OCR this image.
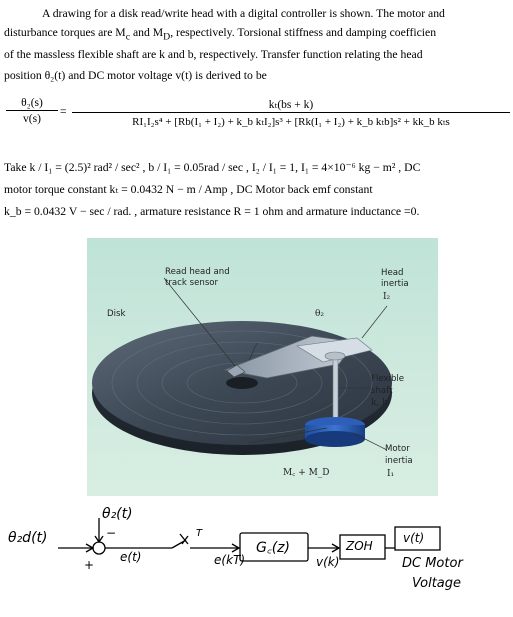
A drawing for a disk read/write head with a digital controller is shown. The motor and
disturbance torques are $M_c$ and $M_D$, respectively. Torsional stiffness and damping coefficien
of the massless flexible shaft are k and b, respectively. Transfer function relating the head
position θ₂(t) and DC motor voltage v(t) is derived to be
$\frac{\text{θ₂(s)}}{v(s)}$ =
kₜ(bs + k)
RI₁I₂s⁴ + [Rb(I₁ + I₂) + k_b kₜI₂]s³ + [Rk(I₁ + I₂) + k_b kₜb]s² + kk_b kₜs
Take k / I₁ = (2.5)² rad² / sec² , b / I₁ = 0.05rad / sec , I₂ / I₁ = 1, I₁ = 4×10⁻⁶ kg − m² , DC
motor torque constant kₜ = 0.0432 N − m / Amp , DC Motor back emf constant
k_b = 0.0432 V − sec / rad. , armature resistance R = 1 ohm and armature inductance =0.
Disk
Read head and
track sensor
θ₂
Head
inertia
I₂
Flexible
shaft
k, b
θ₁	Motor
inertia
I₁
M꜀ + M_D
θ₂d(t)
θ₂(t)
+
−
e(t)
T
e(kT)
G꜀(z)
v(k)
ZOH
v(t)
DC Motor
Voltage
